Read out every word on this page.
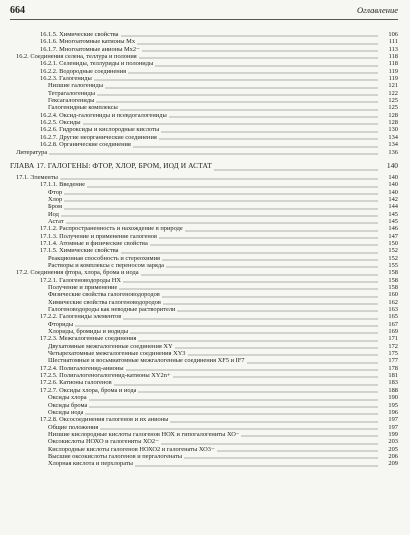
664	Оглавление
16.1.5. Химические свойства	106
16.1.6. Многоатомные катионы Мх	111
16.1.7. Многоатомные анионы Мх2−	113
16.2. Соединения селена, теллура и полония	118
16.2.1. Селениды, теллуриды и полониды	118
16.2.2. Водородные соединения	119
16.2.3. Галогениды	119
Низшие галогениды	121
Тетрагалогениды	122
Гексагалогениды	125
Галогенидные комплексы	125
16.2.4. Оксид-галогениды и псевдогалогениды	128
16.2.5. Оксиды	128
16.2.6. Гидроксиды и кислородные кислоты	130
16.2.7. Другие неорганические соединения	134
16.2.8. Органические соединения	134
Литература	136
ГЛАВА 17. ГАЛОГЕНЫ: ФТОР, ХЛОР, БРОМ, ИОД И АСТАТ	140
17.1. Элементы	140
17.1.1. Введение	140
Фтор	140
Хлор	142
Бром	144
Иод	145
Астат	145
17.1.2. Распространенность и нахождение в природе	146
17.1.3. Получение и применение галогенов	147
17.1.4. Атомные и физические свойства	150
17.1.5. Химические свойства	152
Реакционная способность и стереохимия	152
Растворы и комплексы с переносом заряда	155
17.2. Соединения фтора, хлора, брома и иода	158
17.2.1. Галогеноводороды НХ	158
Получение и применение	158
Физические свойства галогеноводородов	160
Химические свойства галогеноводородов	162
Галогеноводороды как неводные растворители	163
17.2.2. Галогениды элементов	165
Фториды	167
Хлориды, бромиды и иодиды	169
17.2.3. Межгалогенные соединения	171
Двухатомные межгалогенные соединения XY	172
Четырехатомные межгалогенные соединения XY3	175
Шестиатомные и восьмиатомные межгалогенные соединения XF5 и IF7	177
17.2.4. Полигалогенид-анионы	178
17.2.5. Полигалогеногалогенид-катионы XY2n+	181
17.2.6. Катионы галогенов	183
17.2.7. Оксиды хлора, брома и иода	188
Оксиды хлора	190
Оксиды брома	195
Оксиды иода	196
17.2.8. Оксосоединения галогенов и их анионы	197
Общие положения	197
Низшие кислородные кислоты галогенов НОХ и гипогалогениты ХО−	199
Оксокислоты НОХО и галогениты ХО2−	203
Кислородные кислоты галогенов НОХО2 и галогенаты ХО3−	205
Высшие оксокислоты галогенов и пергалогенаты	206
Хлорная кислота и перхлораты	209
